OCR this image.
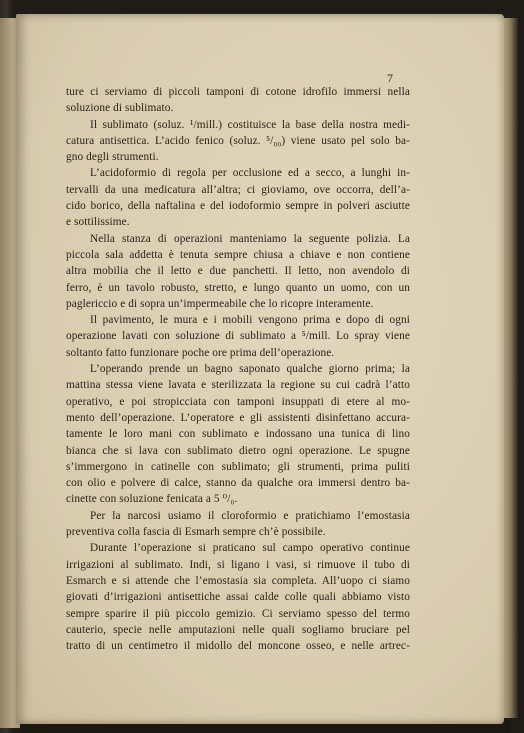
7
ture ci serviamo di piccoli tamponi di cotone idrofilo immersi nella
soluzione di sublimato.
Il sublimato (soluz. ¹/mill.) costituisce la base della nostra medi-
catura antisettica. L’acido fenico (soluz. ⁵/₀₀) viene usato pel solo ba-
gno degli strumenti.
L’acidoformio di regola per occlusione ed a secco, a lunghi in-
tervalli da una medicatura all’altra; ci gioviamo, ove occorra, dell’a-
cido borico, della naftalina e del iodoformio sempre in polveri asciutte
e sottilissime.
Nella stanza di operazioni manteniamo la seguente polizia. La
piccola sala addetta è tenuta sempre chiusa a chiave e non contiene
altra mobilia che il letto e due panchetti. Il letto, non avendolo di
ferro, è un tavolo robusto, stretto, e lungo quanto un uomo, con un
paglericcio e di sopra un’impermeabile che lo ricopre interamente.
Il pavimento, le mura e i mobili vengono prima e dopo di ogni
operazione lavati con soluzione di sublimato a ⁵/mill. Lo spray viene
soltanto fatto funzionare poche ore prima dell’operazione.
L’operando prende un bagno saponato qualche giorno prima; la
mattina stessa viene lavata e sterilizzata la regione su cui cadrà l’atto
operativo, e poi stropicciata con tamponi insuppati di etere al mo-
mento dell’operazione. L’operatore e gli assistenti disinfettano accura-
tamente le loro mani con sublimato e indossano una tunica di lino
bianca che si lava con sublimato dietro ogni operazione. Le spugne
s’immergono in catinelle con sublimato; gli strumenti, prima puliti
con olio e polvere di calce, stanno da qualche ora immersi dentro ba-
cinette con soluzione fenicata a 5 ⁰/₀.
Per la narcosi usiamo il cloroformio e pratichiamo l’emostasia
preventiva colla fascia di Esmarh sempre ch’è possibile.
Durante l’operazione si praticano sul campo operativo continue
irrigazioni al sublimato. Indi, si ligano i vasi, si rimuove il tubo di
Esmarch e si attende che l’emostasia sia completa. All’uopo ci siamo
giovati d’irrigazioni antisettiche assai calde colle quali abbiamo visto
sempre sparire il più piccolo gemizio. Ci serviamo spesso del termo
cauterio, specie nelle amputazioni nelle quali sogliamo bruciare pel
tratto di un centimetro il midollo del moncone osseo, e nelle artrec-
